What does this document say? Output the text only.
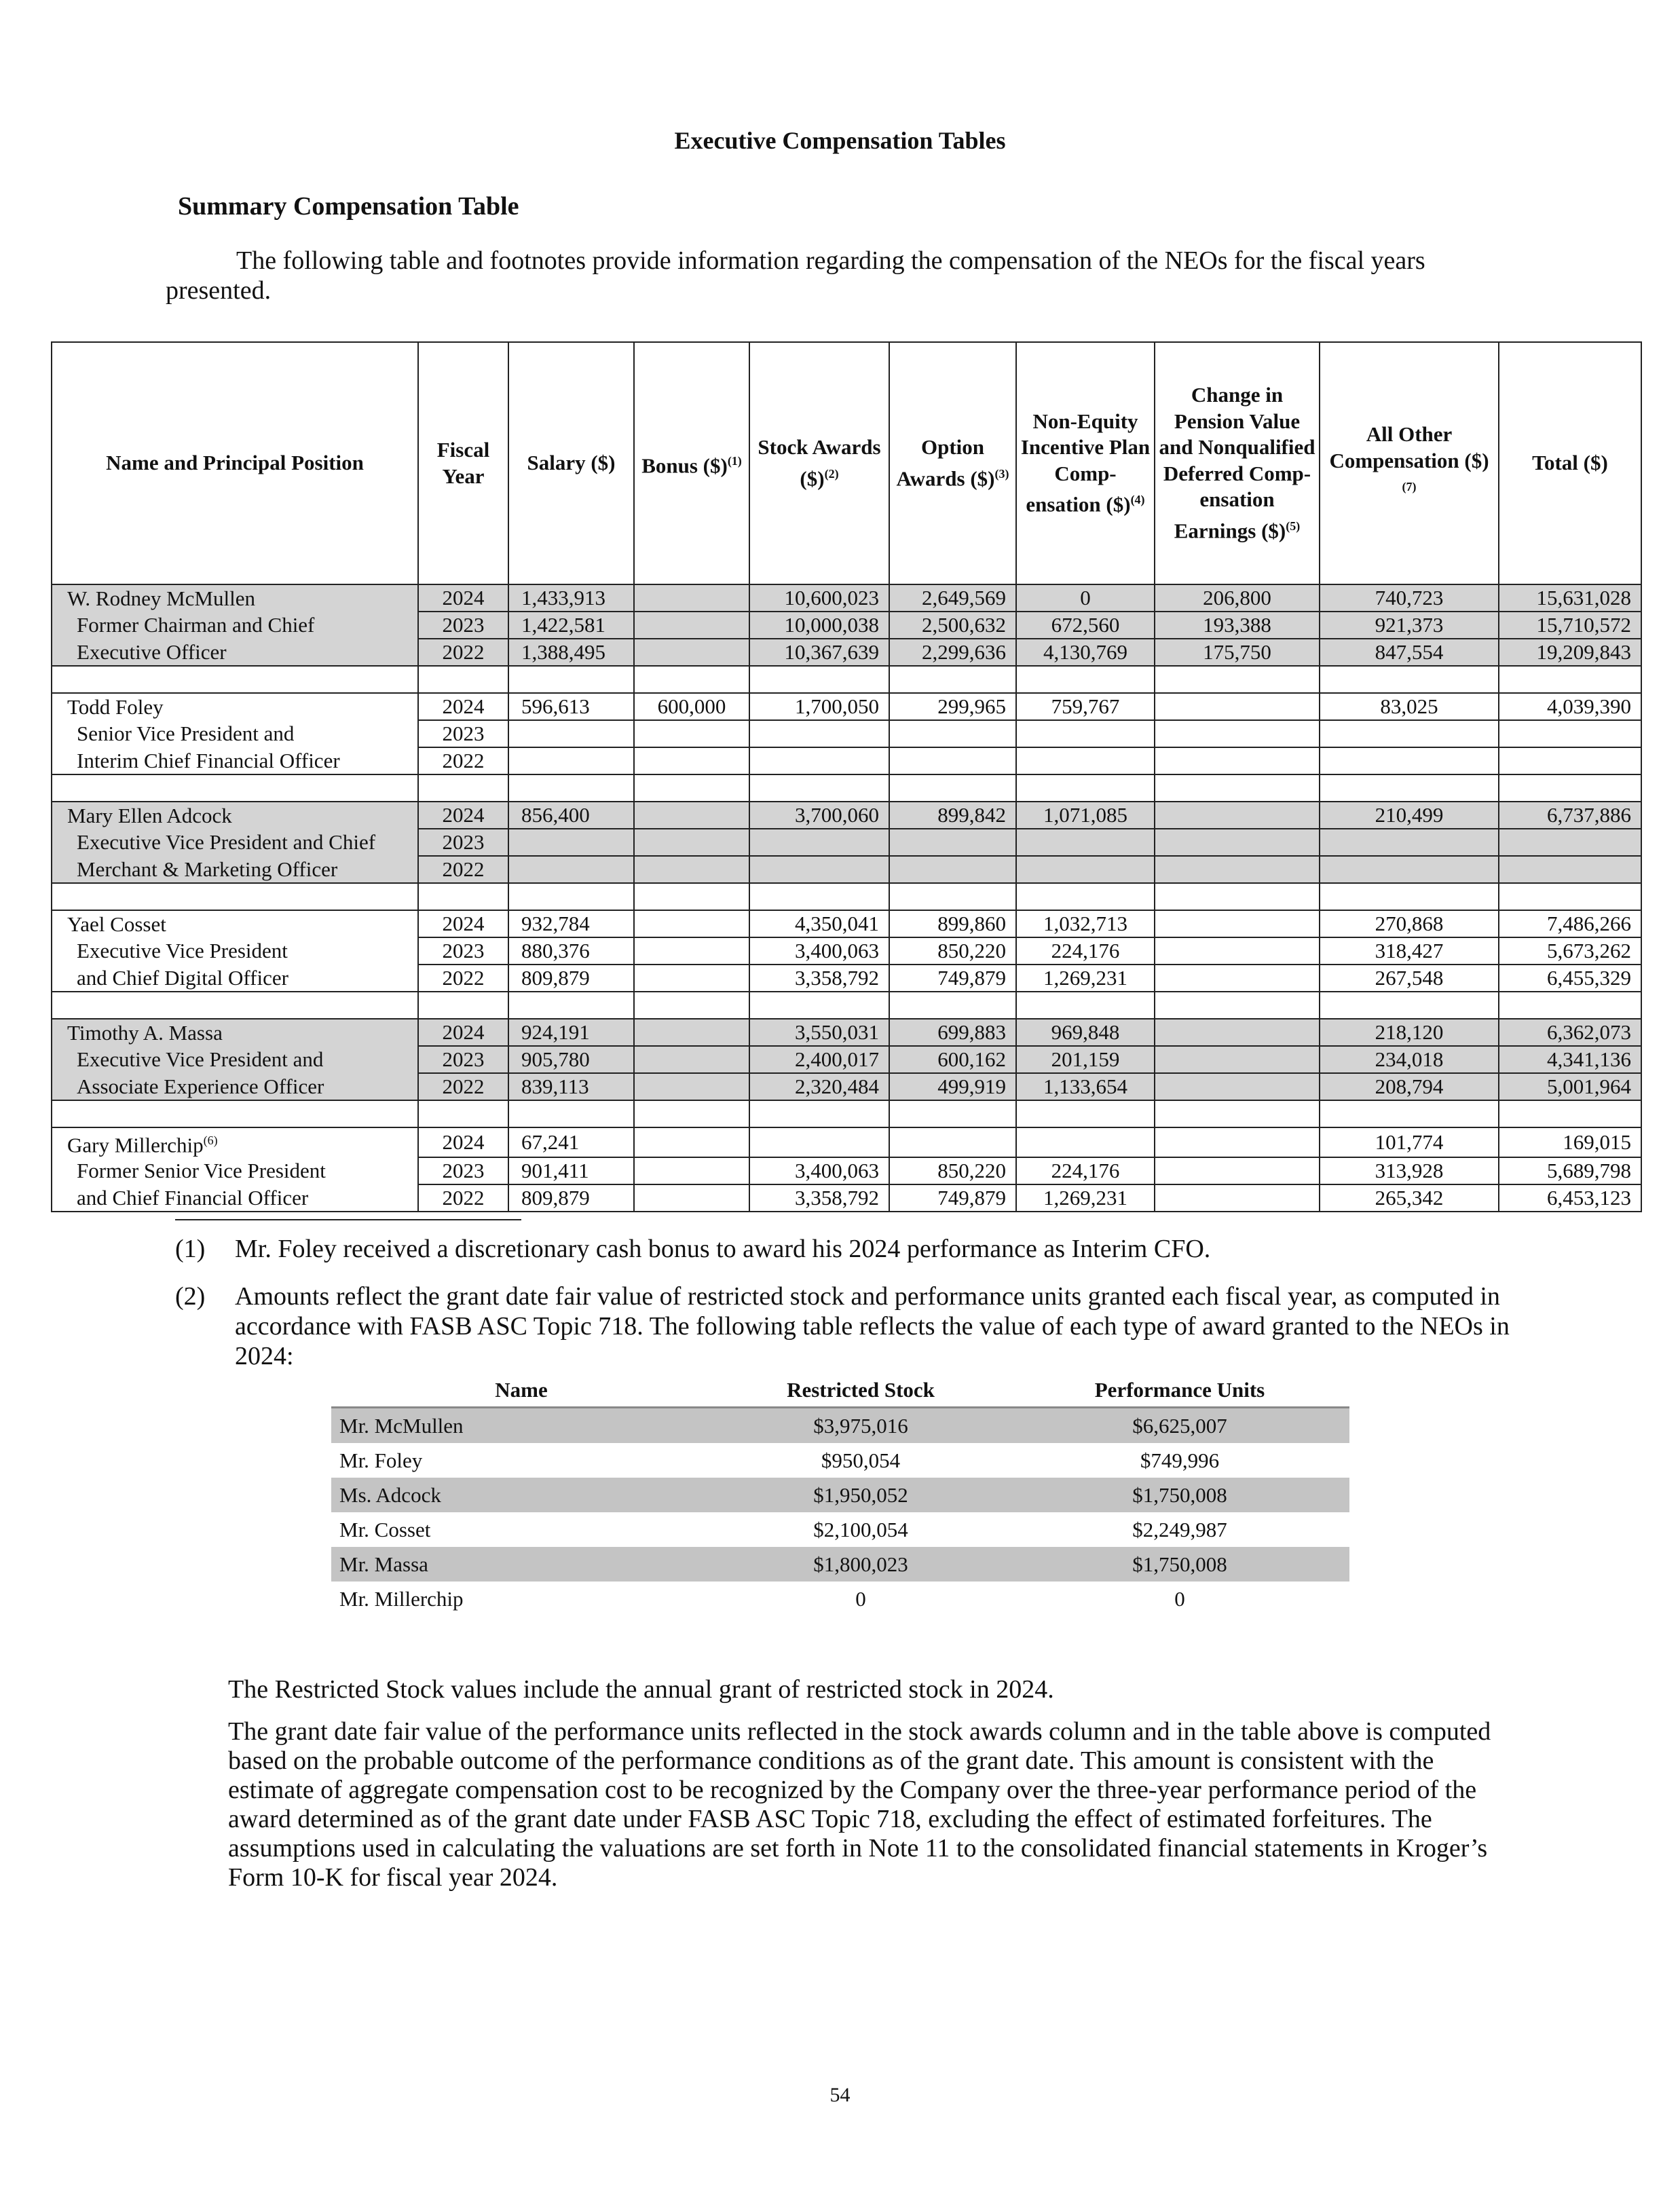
Executive Compensation Tables
Summary Compensation Table
The following table and footnotes provide information regarding the compensation of the NEOs for the fiscal years presented.
Name and Principal Position	Fiscal Year	Salary ($)	Bonus ($)$^{(1)}$	Stock Awards ($)$^{(2)}$	Option Awards ($)$^{(3)}$	Non-Equity Incentive Plan Comp-ensation ($)$^{(4)}$	Change in Pension Value and Nonqualified Deferred Comp-ensation Earnings ($)$^{(5)}$	All Other Compensation ($)$^{(7)}$	Total ($)
W. Rodney McMullen	2024	1,433,913		10,600,023	2,649,569	0	206,800	740,723	15,631,028
Former Chairman and Chief	2023	1,422,581		10,000,038	2,500,632	672,560	193,388	921,373	15,710,572
Executive Officer	2022	1,388,495		10,367,639	2,299,636	4,130,769	175,750	847,554	19,209,843

Todd Foley	2024	596,613	600,000	1,700,050	299,965	759,767		83,025	4,039,390
Senior Vice President and	2023								
Interim Chief Financial Officer	2022								

Mary Ellen Adcock	2024	856,400		3,700,060	899,842	1,071,085		210,499	6,737,886
Executive Vice President and Chief	2023								
Merchant & Marketing Officer	2022								

Yael Cosset	2024	932,784		4,350,041	899,860	1,032,713		270,868	7,486,266
Executive Vice President	2023	880,376		3,400,063	850,220	224,176		318,427	5,673,262
and Chief Digital Officer	2022	809,879		3,358,792	749,879	1,269,231		267,548	6,455,329

Timothy A. Massa	2024	924,191		3,550,031	699,883	969,848		218,120	6,362,073
Executive Vice President and	2023	905,780		2,400,017	600,162	201,159		234,018	4,341,136
Associate Experience Officer	2022	839,113		2,320,484	499,919	1,133,654		208,794	5,001,964

Gary Millerchip$^{(6)}$	2024	67,241						101,774	169,015
Former Senior Vice President	2023	901,411		3,400,063	850,220	224,176		313,928	5,689,798
and Chief Financial Officer	2022	809,879		3,358,792	749,879	1,269,231		265,342	6,453,123
(1)	Mr. Foley received a discretionary cash bonus to award his 2024 performance as Interim CFO.
(2)	Amounts reflect the grant date fair value of restricted stock and performance units granted each fiscal year, as computed in accordance with FASB ASC Topic 718. The following table reflects the value of each type of award granted to the NEOs in 2024:
Name	Restricted Stock	Performance Units
Mr. McMullen	$3,975,016	$6,625,007
Mr. Foley	$950,054	$749,996
Ms. Adcock	$1,950,052	$1,750,008
Mr. Cosset	$2,100,054	$2,249,987
Mr. Massa	$1,800,023	$1,750,008
Mr. Millerchip	0	0
The Restricted Stock values include the annual grant of restricted stock in 2024.
The grant date fair value of the performance units reflected in the stock awards column and in the table above is computed based on the probable outcome of the performance conditions as of the grant date. This amount is consistent with the estimate of aggregate compensation cost to be recognized by the Company over the three-year performance period of the award determined as of the grant date under FASB ASC Topic 718, excluding the effect of estimated forfeitures. The assumptions used in calculating the valuations are set forth in Note 11 to the consolidated financial statements in Kroger’s Form 10-K for fiscal year 2024.
54
